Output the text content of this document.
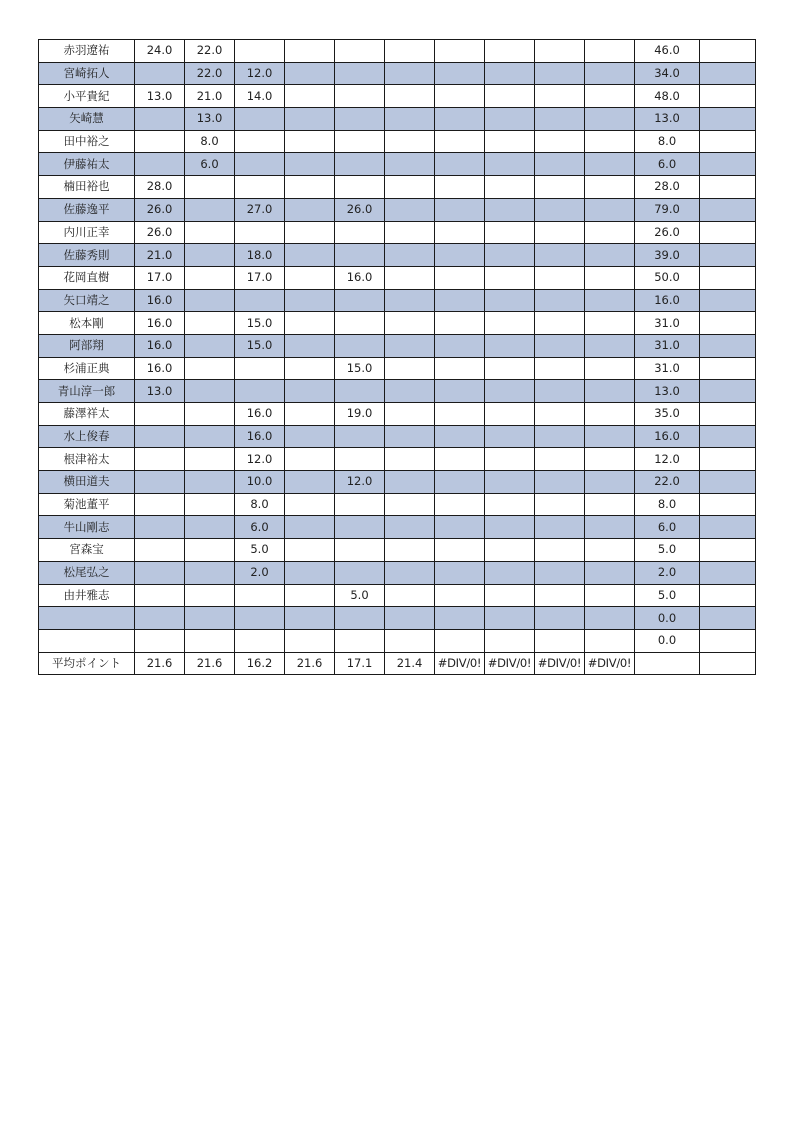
赤羽遼祐	24.0	22.0									46.0	
宮崎拓人		22.0	12.0								34.0	
小平貴紀	13.0	21.0	14.0								48.0	
矢崎慧		13.0									13.0	
田中裕之		8.0									8.0	
伊藤祐太		6.0									6.0	
楠田裕也	28.0										28.0	
佐藤逸平	26.0		27.0		26.0						79.0	
内川正幸	26.0										26.0	
佐藤秀則	21.0		18.0								39.0	
花岡直樹	17.0		17.0		16.0						50.0	
矢口靖之	16.0										16.0	
松本剛	16.0		15.0								31.0	
阿部翔	16.0		15.0								31.0	
杉浦正典	16.0				15.0						31.0	
青山淳一郎	13.0										13.0	
藤澤祥太			16.0		19.0						35.0	
水上俊春			16.0								16.0	
根津裕太			12.0								12.0	
横田道夫			10.0		12.0						22.0	
菊池董平			8.0								8.0	
牛山剛志			6.0								6.0	
宮森宝			5.0								5.0	
松尾弘之			2.0								2.0	
由井雅志					5.0						5.0	
											0.0	
											0.0	
平均ポイント	21.6	21.6	16.2	21.6	17.1	21.4	#DIV/0!	#DIV/0!	#DIV/0!	#DIV/0!		
